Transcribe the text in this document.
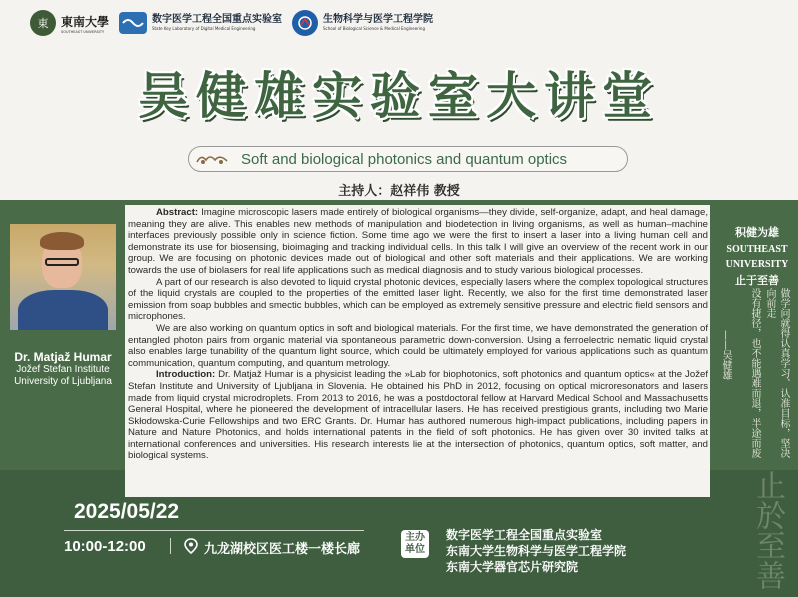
東	東南大學
SOUTHEAST UNIVERSITY
数字医学工程全国重点实验室
State Key Laboratory of Digital Medical Engineering
生物科学与医学工程学院
School of Biological Science & Medical Engineering
吴健雄实验室大讲堂
Soft and biological photonics and quantum optics
主持人：赵祥伟 教授

Abstract: Imagine microscopic lasers made entirely of biological organisms—they divide, self-organize, adapt, and heal damage, meaning they are alive. This enables new methods of manipulation and biodetection in living organisms, as well as human–machine interfaces previously possible only in science fiction. Some time ago we were the first to insert a laser into a living human cell and demonstrate its use for biosensing, bioimaging and tracking individual cells. In this talk I will give an overview of the recent work in our group. We are focusing on photonic devices made out of biological and other soft materials and their applications. We are working towards the use of biolasers for real life applications such as medical diagnosis and to study various biological processes.

A part of our research is also devoted to liquid crystal photonic devices, especially lasers where the complex topological structures of the liquid crystals are coupled to the properties of the emitted laser light. Recently, we also for the first time demonstrated laser emission from soap bubbles and smectic bubbles, which can be employed as extremely sensitive pressure and electric field sensors and microphones.

We are also working on quantum optics in soft and biological materials. For the first time, we have demonstrated the generation of entangled photon pairs from organic material via spontaneous parametric down-conversion. Using a ferroelectric nematic liquid crystal also enables large tunability of the quantum light source, which could be ultimately employed for various applications such as quantum communication, quantum computing, and quantum metrology.

Introduction: Dr. Matjaž Humar is a physicist leading the »Lab for biophotonics, soft photonics and quantum optics« at the Jožef Stefan Institute and University of Ljubljana in Slovenia. He obtained his PhD in 2012, focusing on optical microresonators and lasers made from liquid crystal microdroplets. From 2013 to 2016, he was a postdoctoral fellow at Harvard Medical School and Massachusetts General Hospital, where he pioneered the development of intracellular lasers. He has received prestigious grants, including two Marie Skłodowska-Curie Fellowships and two ERC Grants. Dr. Humar has authored numerous high-impact publications, including papers in Nature and Nature Photonics, and holds international patents in the field of soft photonics. He has given over 30 invited talks at international conferences and universities. His research interests lie at the intersection of photonics, quantum optics, soft matter, and biological systems.

Dr. Matjaž Humar
Jožef Stefan Institute
University of Ljubljana
积健为雄
SOUTHEAST
UNIVERSITY
止于至善
做学问就得认真学习、认准目标，坚决向前走
没有捷径，也不能遇难而退，半途而废
——吴健雄
止於至善
2025/05/22
10:00-12:00	九龙湖校区医工楼一楼长廊
主办单位
数字医学工程全国重点实验室
东南大学生物科学与医学工程学院
东南大学器官芯片研究院
